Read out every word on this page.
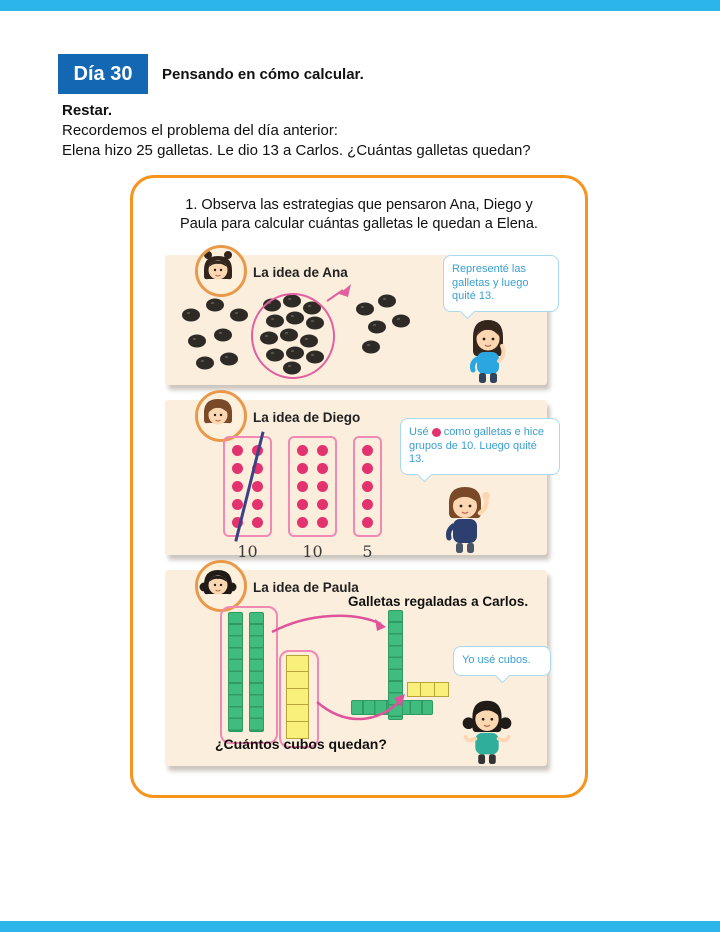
Día 30 Pensando en cómo calcular.
Restar.
Recordemos el problema del día anterior:
Elena hizo 25 galletas. Le dio 13 a Carlos. ¿Cuántas galletas quedan?
1. Observa las estrategias que pensaron Ana, Diego y Paula para calcular cuántas galletas le quedan a Elena.
La idea de Ana	Representé las galletas y luego quité 13.
La idea de Diego
10	10 5
Usé como galletas e hice grupos de 10. Luego quité 13.
La idea de Paula
Galletas regaladas a Carlos.
Yo usé cubos.
¿Cuántos cubos quedan?
